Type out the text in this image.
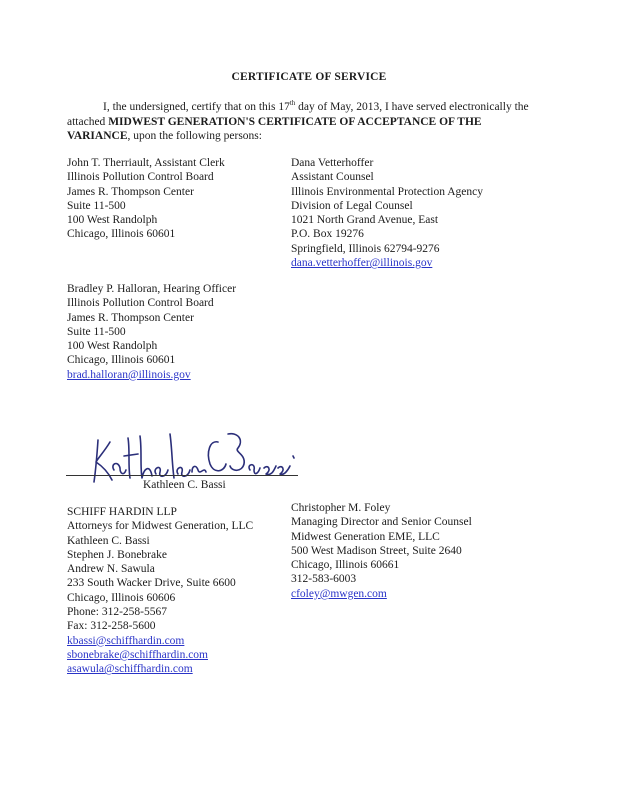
CERTIFICATE OF SERVICE
I, the undersigned, certify that on this 17th day of May, 2013, I have served electronically the attached MIDWEST GENERATION'S CERTIFICATE OF ACCEPTANCE OF THE VARIANCE, upon the following persons:
John T. Therriault, Assistant Clerk
Illinois Pollution Control Board
James R. Thompson Center
Suite 11-500
100 West Randolph
Chicago, Illinois 60601
Dana Vetterhoffer
Assistant Counsel
Illinois Environmental Protection Agency
Division of Legal Counsel
1021 North Grand Avenue, East
P.O. Box 19276
Springfield, Illinois 62794-9276
dana.vetterhoffer@illinois.gov
Bradley P. Halloran, Hearing Officer
Illinois Pollution Control Board
James R. Thompson Center
Suite 11-500
100 West Randolph
Chicago, Illinois 60601
brad.halloran@illinois.gov
Kathleen C. Bassi
SCHIFF HARDIN LLP
Attorneys for Midwest Generation, LLC
Kathleen C. Bassi
Stephen J. Bonebrake
Andrew N. Sawula
233 South Wacker Drive, Suite 6600
Chicago, Illinois 60606
Phone: 312-258-5567
Fax: 312-258-5600
kbassi@schiffhardin.com
sbonebrake@schiffhardin.com
asawula@schiffhardin.com
Christopher M. Foley
Managing Director and Senior Counsel
Midwest Generation EME, LLC
500 West Madison Street, Suite 2640
Chicago, Illinois 60661
312-583-6003
cfoley@mwgen.com
